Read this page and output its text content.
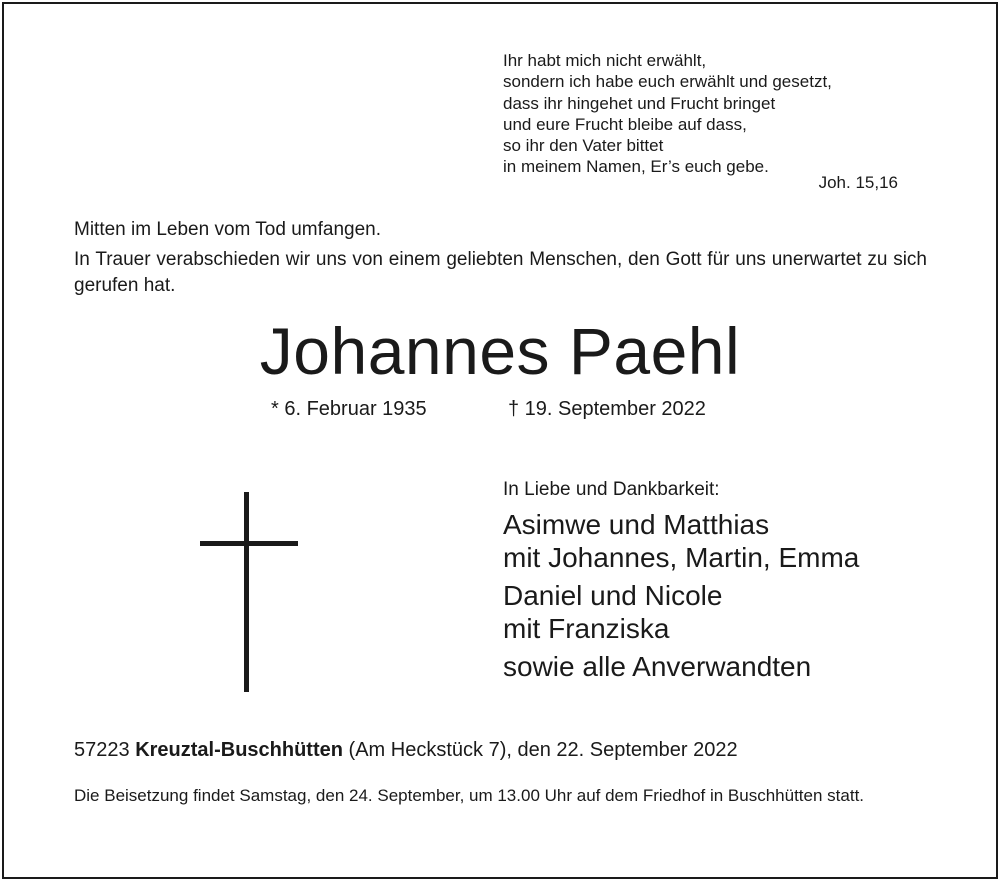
Ihr habt mich nicht erwählt,
sondern ich habe euch erwählt und gesetzt,
dass ihr hingehet und Frucht bringet
und eure Frucht bleibe auf dass,
so ihr den Vater bittet
in meinem Namen, Er’s euch gebe.
Joh. 15,16
Mitten im Leben vom Tod umfangen.
In Trauer verabschieden wir uns von einem geliebten Menschen, den Gott für uns unerwartet zu sich gerufen hat.
Johannes Paehl
* 6. Februar 1935	† 19. September 2022
In Liebe und Dankbarkeit:
Asimwe und Matthias
mit Johannes, Martin, Emma
Daniel und Nicole
mit Franziska
sowie alle Anverwandten
57223 Kreuztal-Buschhütten (Am Heckstück 7), den 22. September 2022
Die Beisetzung findet Samstag, den 24. September, um 13.00 Uhr auf dem Friedhof in Buschhütten statt.
